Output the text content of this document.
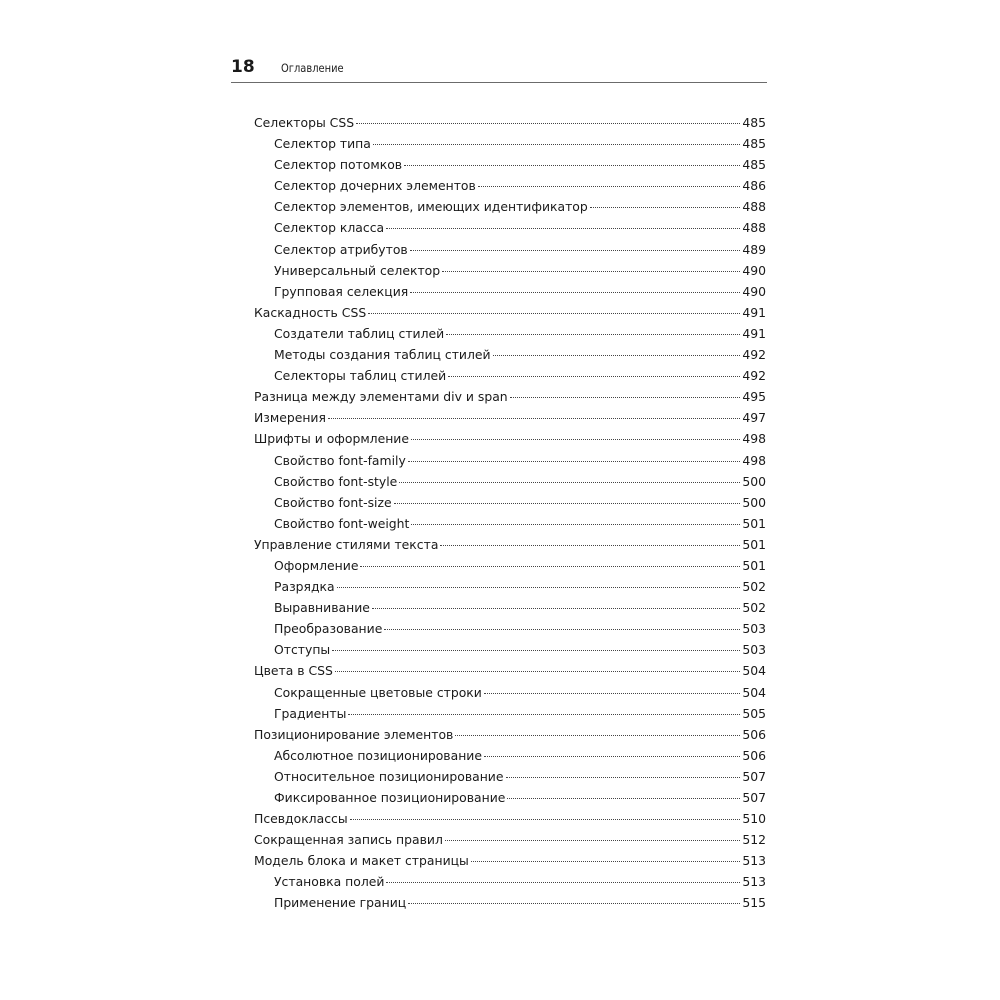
18 Оглавление
Селекторы CSS	485
Селектор типа	485
Селектор потомков	485
Селектор дочерних элементов	486
Селектор элементов, имеющих идентификатор	488
Селектор класса	488
Селектор атрибутов	489
Универсальный селектор	490
Групповая селекция	490
Каскадность CSS	491
Создатели таблиц стилей	491
Методы создания таблиц стилей	492
Селекторы таблиц стилей	492
Разница между элементами div и span	495
Измерения	497
Шрифты и оформление	498
Свойство font-family	498
Свойство font-style	500
Свойство font-size	500
Свойство font-weight	501
Управление стилями текста	501
Оформление	501
Разрядка	502
Выравнивание	502
Преобразование	503
Отступы	503
Цвета в CSS	504
Сокращенные цветовые строки	504
Градиенты	505
Позиционирование элементов	506
Абсолютное позиционирование	506
Относительное позиционирование	507
Фиксированное позиционирование	507
Псевдоклассы	510
Сокращенная запись правил	512
Модель блока и макет страницы	513
Установка полей	513
Применение границ	515
